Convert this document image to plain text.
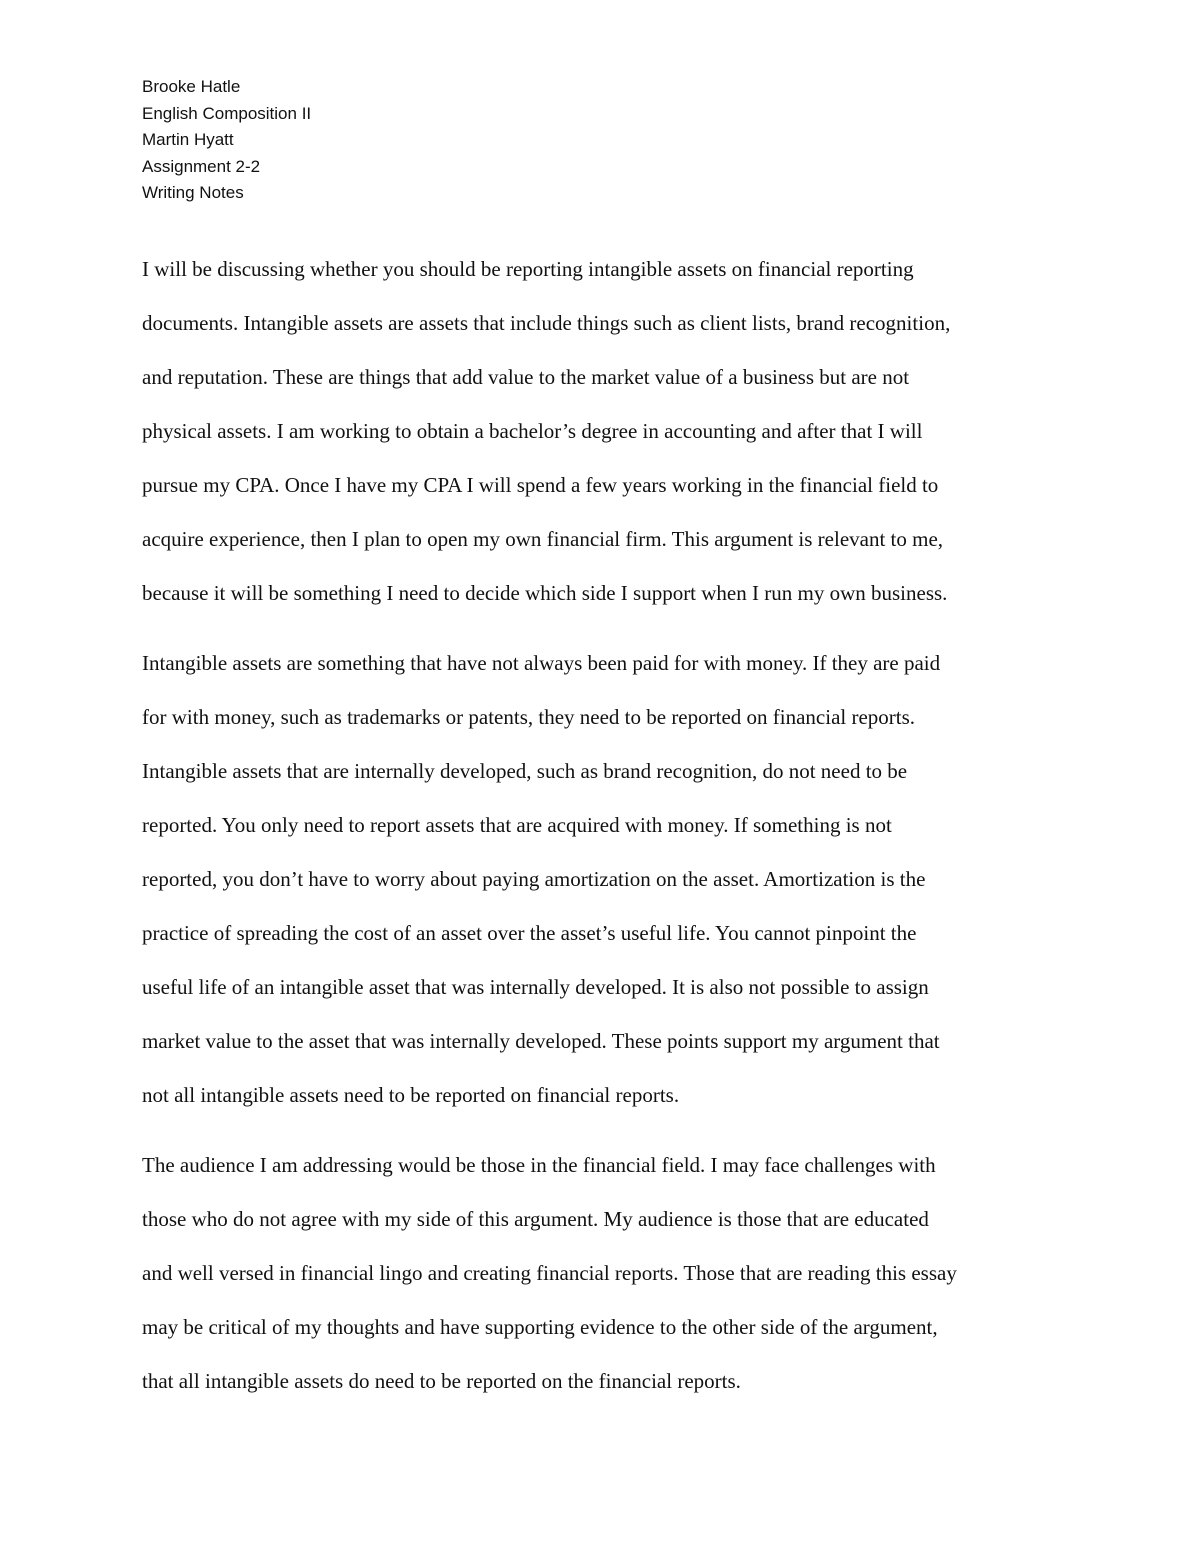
Brooke Hatle
English Composition II
Martin Hyatt
Assignment 2-2
Writing Notes

I will be discussing whether you should be reporting intangible assets on financial reporting
documents. Intangible assets are assets that include things such as client lists, brand recognition,
and reputation. These are things that add value to the market value of a business but are not
physical assets. I am working to obtain a bachelor’s degree in accounting and after that I will
pursue my CPA. Once I have my CPA I will spend a few years working in the financial field to
acquire experience, then I plan to open my own financial firm. This argument is relevant to me,
because it will be something I need to decide which side I support when I run my own business.

Intangible assets are something that have not always been paid for with money. If they are paid
for with money, such as trademarks or patents, they need to be reported on financial reports.
Intangible assets that are internally developed, such as brand recognition, do not need to be
reported. You only need to report assets that are acquired with money. If something is not
reported, you don’t have to worry about paying amortization on the asset. Amortization is the
practice of spreading the cost of an asset over the asset’s useful life. You cannot pinpoint the
useful life of an intangible asset that was internally developed. It is also not possible to assign
market value to the asset that was internally developed. These points support my argument that
not all intangible assets need to be reported on financial reports.

The audience I am addressing would be those in the financial field. I may face challenges with
those who do not agree with my side of this argument. My audience is those that are educated
and well versed in financial lingo and creating financial reports. Those that are reading this essay
may be critical of my thoughts and have supporting evidence to the other side of the argument,
that all intangible assets do need to be reported on the financial reports.
